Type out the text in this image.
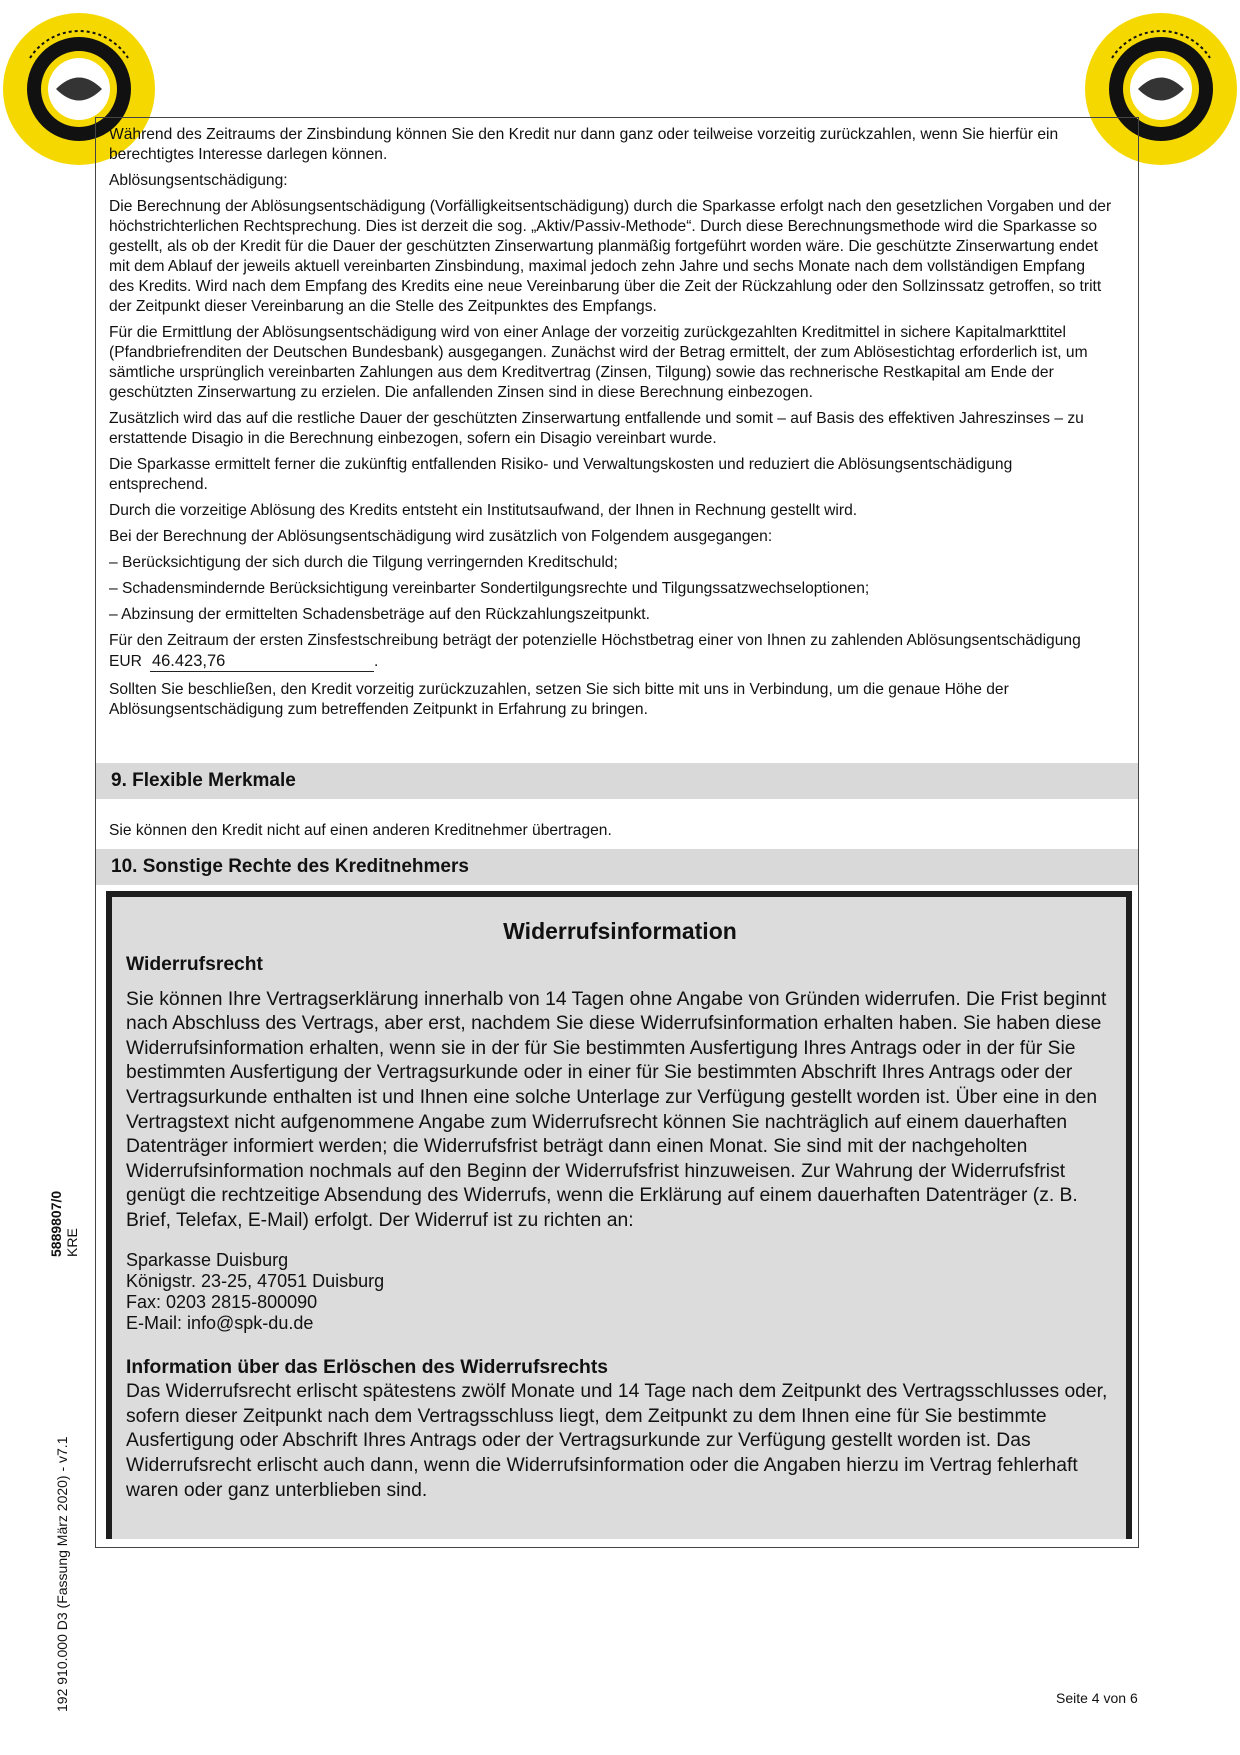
Während des Zeitraums der Zinsbindung können Sie den Kredit nur dann ganz oder teilweise vorzeitig zurückzahlen, wenn Sie hierfür ein berechtigtes Interesse darlegen können.

Ablösungsentschädigung:

Die Berechnung der Ablösungsentschädigung (Vorfälligkeitsentschädigung) durch die Sparkasse erfolgt nach den gesetzlichen Vorgaben und der höchstrichterlichen Rechtsprechung. Dies ist derzeit die sog. „Aktiv/Passiv-Methode“. Durch diese Berechnungsmethode wird die Sparkasse so gestellt, als ob der Kredit für die Dauer der geschützten Zinserwartung planmäßig fortgeführt worden wäre. Die geschützte Zinserwartung endet mit dem Ablauf der jeweils aktuell vereinbarten Zinsbindung, maximal jedoch zehn Jahre und sechs Monate nach dem vollständigen Empfang des Kredits. Wird nach dem Empfang des Kredits eine neue Vereinbarung über die Zeit der Rückzahlung oder den Sollzinssatz getroffen, so tritt der Zeitpunkt dieser Vereinbarung an die Stelle des Zeitpunktes des Empfangs.

Für die Ermittlung der Ablösungsentschädigung wird von einer Anlage der vorzeitig zurückgezahlten Kreditmittel in sichere Kapitalmarkttitel (Pfandbriefrenditen der Deutschen Bundesbank) ausgegangen. Zunächst wird der Betrag ermittelt, der zum Ablösestichtag erforderlich ist, um sämtliche ursprünglich vereinbarten Zahlungen aus dem Kreditvertrag (Zinsen, Tilgung) sowie das rechnerische Restkapital am Ende der geschützten Zinserwartung zu erzielen. Die anfallenden Zinsen sind in diese Berechnung einbezogen.

Zusätzlich wird das auf die restliche Dauer der geschützten Zinserwartung entfallende und somit – auf Basis des effektiven Jahreszinses – zu erstattende Disagio in die Berechnung einbezogen, sofern ein Disagio vereinbart wurde.

Die Sparkasse ermittelt ferner die zukünftig entfallenden Risiko- und Verwaltungskosten und reduziert die Ablösungsentschädigung entsprechend.

Durch die vorzeitige Ablösung des Kredits entsteht ein Institutsaufwand, der Ihnen in Rechnung gestellt wird.

Bei der Berechnung der Ablösungsentschädigung wird zusätzlich von Folgendem ausgegangen:

– Berücksichtigung der sich durch die Tilgung verringernden Kreditschuld;

– Schadensmindernde Berücksichtigung vereinbarter Sondertilgungsrechte und Tilgungssatzwechseloptionen;

– Abzinsung der ermittelten Schadensbeträge auf den Rückzahlungszeitpunkt.

Für den Zeitraum der ersten Zinsfestschreibung beträgt der potenzielle Höchstbetrag einer von Ihnen zu zahlenden Ablösungsentschädigung EUR 46.423,76	.

Sollten Sie beschließen, den Kredit vorzeitig zurückzuzahlen, setzen Sie sich bitte mit uns in Verbindung, um die genaue Höhe der Ablösungsentschädigung zum betreffenden Zeitpunkt in Erfahrung zu bringen.

9. Flexible Merkmale
Sie können den Kredit nicht auf einen anderen Kreditnehmer übertragen.
10. Sonstige Rechte des Kreditnehmers
Widerrufsinformation
Widerrufsrecht
Sie können Ihre Vertragserklärung innerhalb von 14 Tagen ohne Angabe von Gründen widerrufen. Die Frist beginnt nach Abschluss des Vertrags, aber erst, nachdem Sie diese Widerrufsinformation erhalten haben. Sie haben diese Widerrufsinformation erhalten, wenn sie in der für Sie bestimmten Ausfertigung Ihres Antrags oder in der für Sie bestimmten Ausfertigung der Vertragsurkunde oder in einer für Sie bestimmten Abschrift Ihres Antrags oder der Vertragsurkunde enthalten ist und Ihnen eine solche Unterlage zur Verfügung gestellt worden ist. Über eine in den Vertragstext nicht aufgenommene Angabe zum Widerrufsrecht können Sie nachträglich auf einem dauerhaften Datenträger informiert werden; die Widerrufsfrist beträgt dann einen Monat. Sie sind mit der nachgeholten Widerrufsinformation nochmals auf den Beginn der Widerrufsfrist hinzuweisen. Zur Wahrung der Widerrufsfrist genügt die rechtzeitige Absendung des Widerrufs, wenn die Erklärung auf einem dauerhaften Datenträger (z. B. Brief, Telefax, E-Mail) erfolgt. Der Widerruf ist zu richten an:
Sparkasse Duisburg
Königstr. 23-25, 47051 Duisburg
Fax: 0203 2815-800090
E-Mail: info@spk-du.de
Information über das Erlöschen des Widerrufsrechts
Das Widerrufsrecht erlischt spätestens zwölf Monate und 14 Tage nach dem Zeitpunkt des Vertragsschlusses oder, sofern dieser Zeitpunkt nach dem Vertragsschluss liegt, dem Zeitpunkt zu dem Ihnen eine für Sie bestimmte Ausfertigung oder Abschrift Ihres Antrags oder der Vertragsurkunde zur Verfügung gestellt worden ist. Das Widerrufsrecht erlischt auch dann, wenn die Widerrufsinformation oder die Angaben hierzu im Vertrag fehlerhaft waren oder ganz unterblieben sind.
5889807/0 KRE
192 910.000 D3 (Fassung März 2020) - v7.1	Seite 4 von 6
